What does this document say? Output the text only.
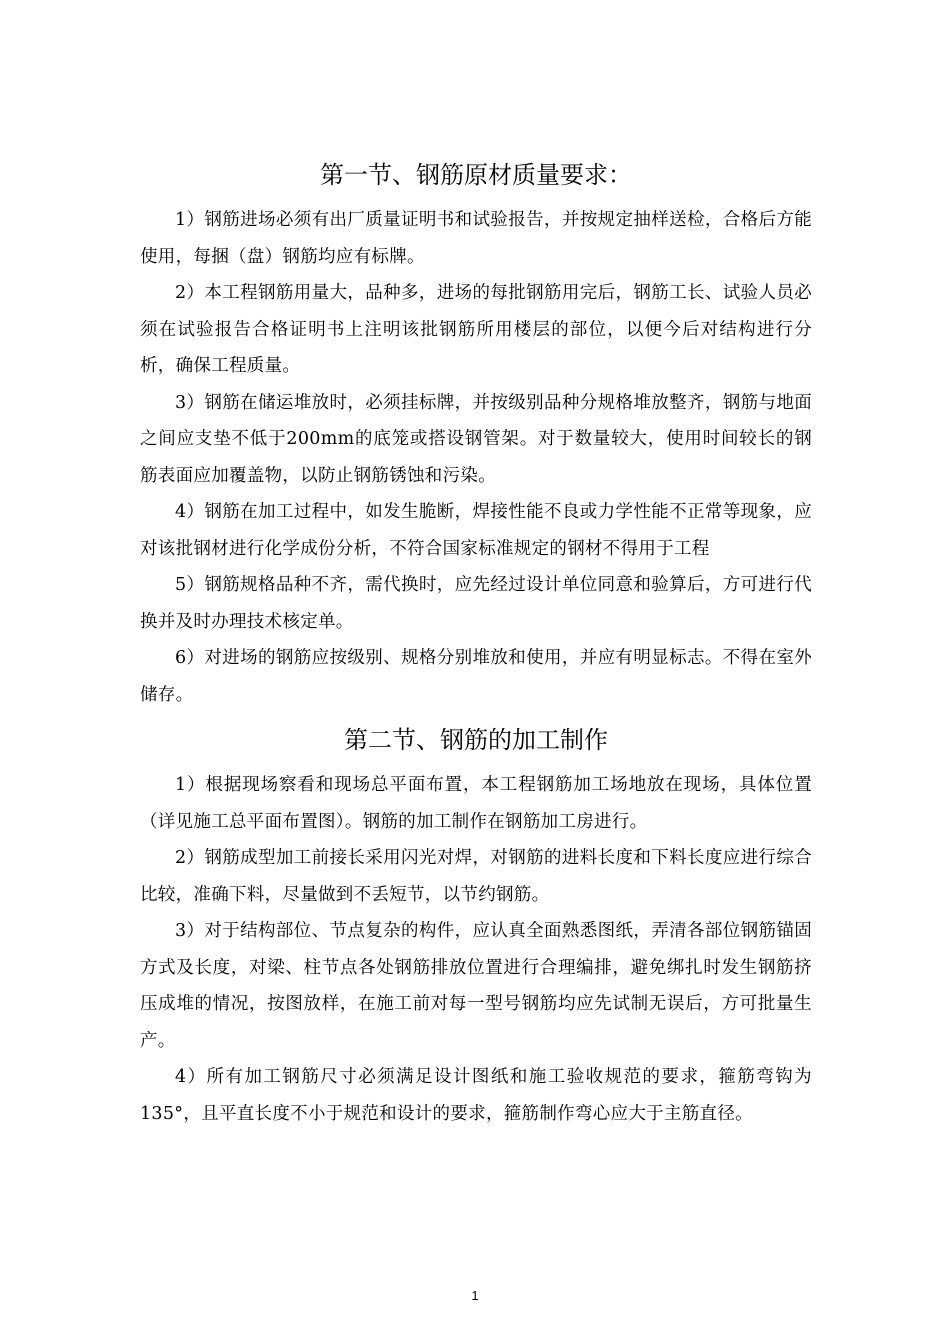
第一节、钢筋原材质量要求：

1）钢筋进场必须有出厂质量证明书和试验报告，并按规定抽样送检，合格后方能使用，每捆（盘）钢筋均应有标牌。

2）本工程钢筋用量大，品种多，进场的每批钢筋用完后，钢筋工长、试验人员必须在试验报告合格证明书上注明该批钢筋所用楼层的部位，以便今后对结构进行分析，确保工程质量。

3）钢筋在储运堆放时，必须挂标牌，并按级别品种分规格堆放整齐，钢筋与地面之间应支垫不低于200mm的底笼或搭设钢管架。对于数量较大，使用时间较长的钢筋表面应加覆盖物，以防止钢筋锈蚀和污染。

4）钢筋在加工过程中，如发生脆断，焊接性能不良或力学性能不正常等现象，应对该批钢材进行化学成份分析，不符合国家标准规定的钢材不得用于工程

5）钢筋规格品种不齐，需代换时，应先经过设计单位同意和验算后，方可进行代换并及时办理技术核定单。

6）对进场的钢筋应按级别、规格分别堆放和使用，并应有明显标志。不得在室外储存。

第二节、钢筋的加工制作

1）根据现场察看和现场总平面布置，本工程钢筋加工场地放在现场，具体位置（详见施工总平面布置图）。钢筋的加工制作在钢筋加工房进行。

2）钢筋成型加工前接长采用闪光对焊，对钢筋的进料长度和下料长度应进行综合比较，准确下料，尽量做到不丢短节，以节约钢筋。

3）对于结构部位、节点复杂的构件，应认真全面熟悉图纸，弄清各部位钢筋锚固方式及长度，对梁、柱节点各处钢筋排放位置进行合理编排，避免绑扎时发生钢筋挤压成堆的情况，按图放样，在施工前对每一型号钢筋均应先试制无误后，方可批量生产。

4）所有加工钢筋尺寸必须满足设计图纸和施工验收规范的要求，箍筋弯钩为135°，且平直长度不小于规范和设计的要求，箍筋制作弯心应大于主筋直径。

1
